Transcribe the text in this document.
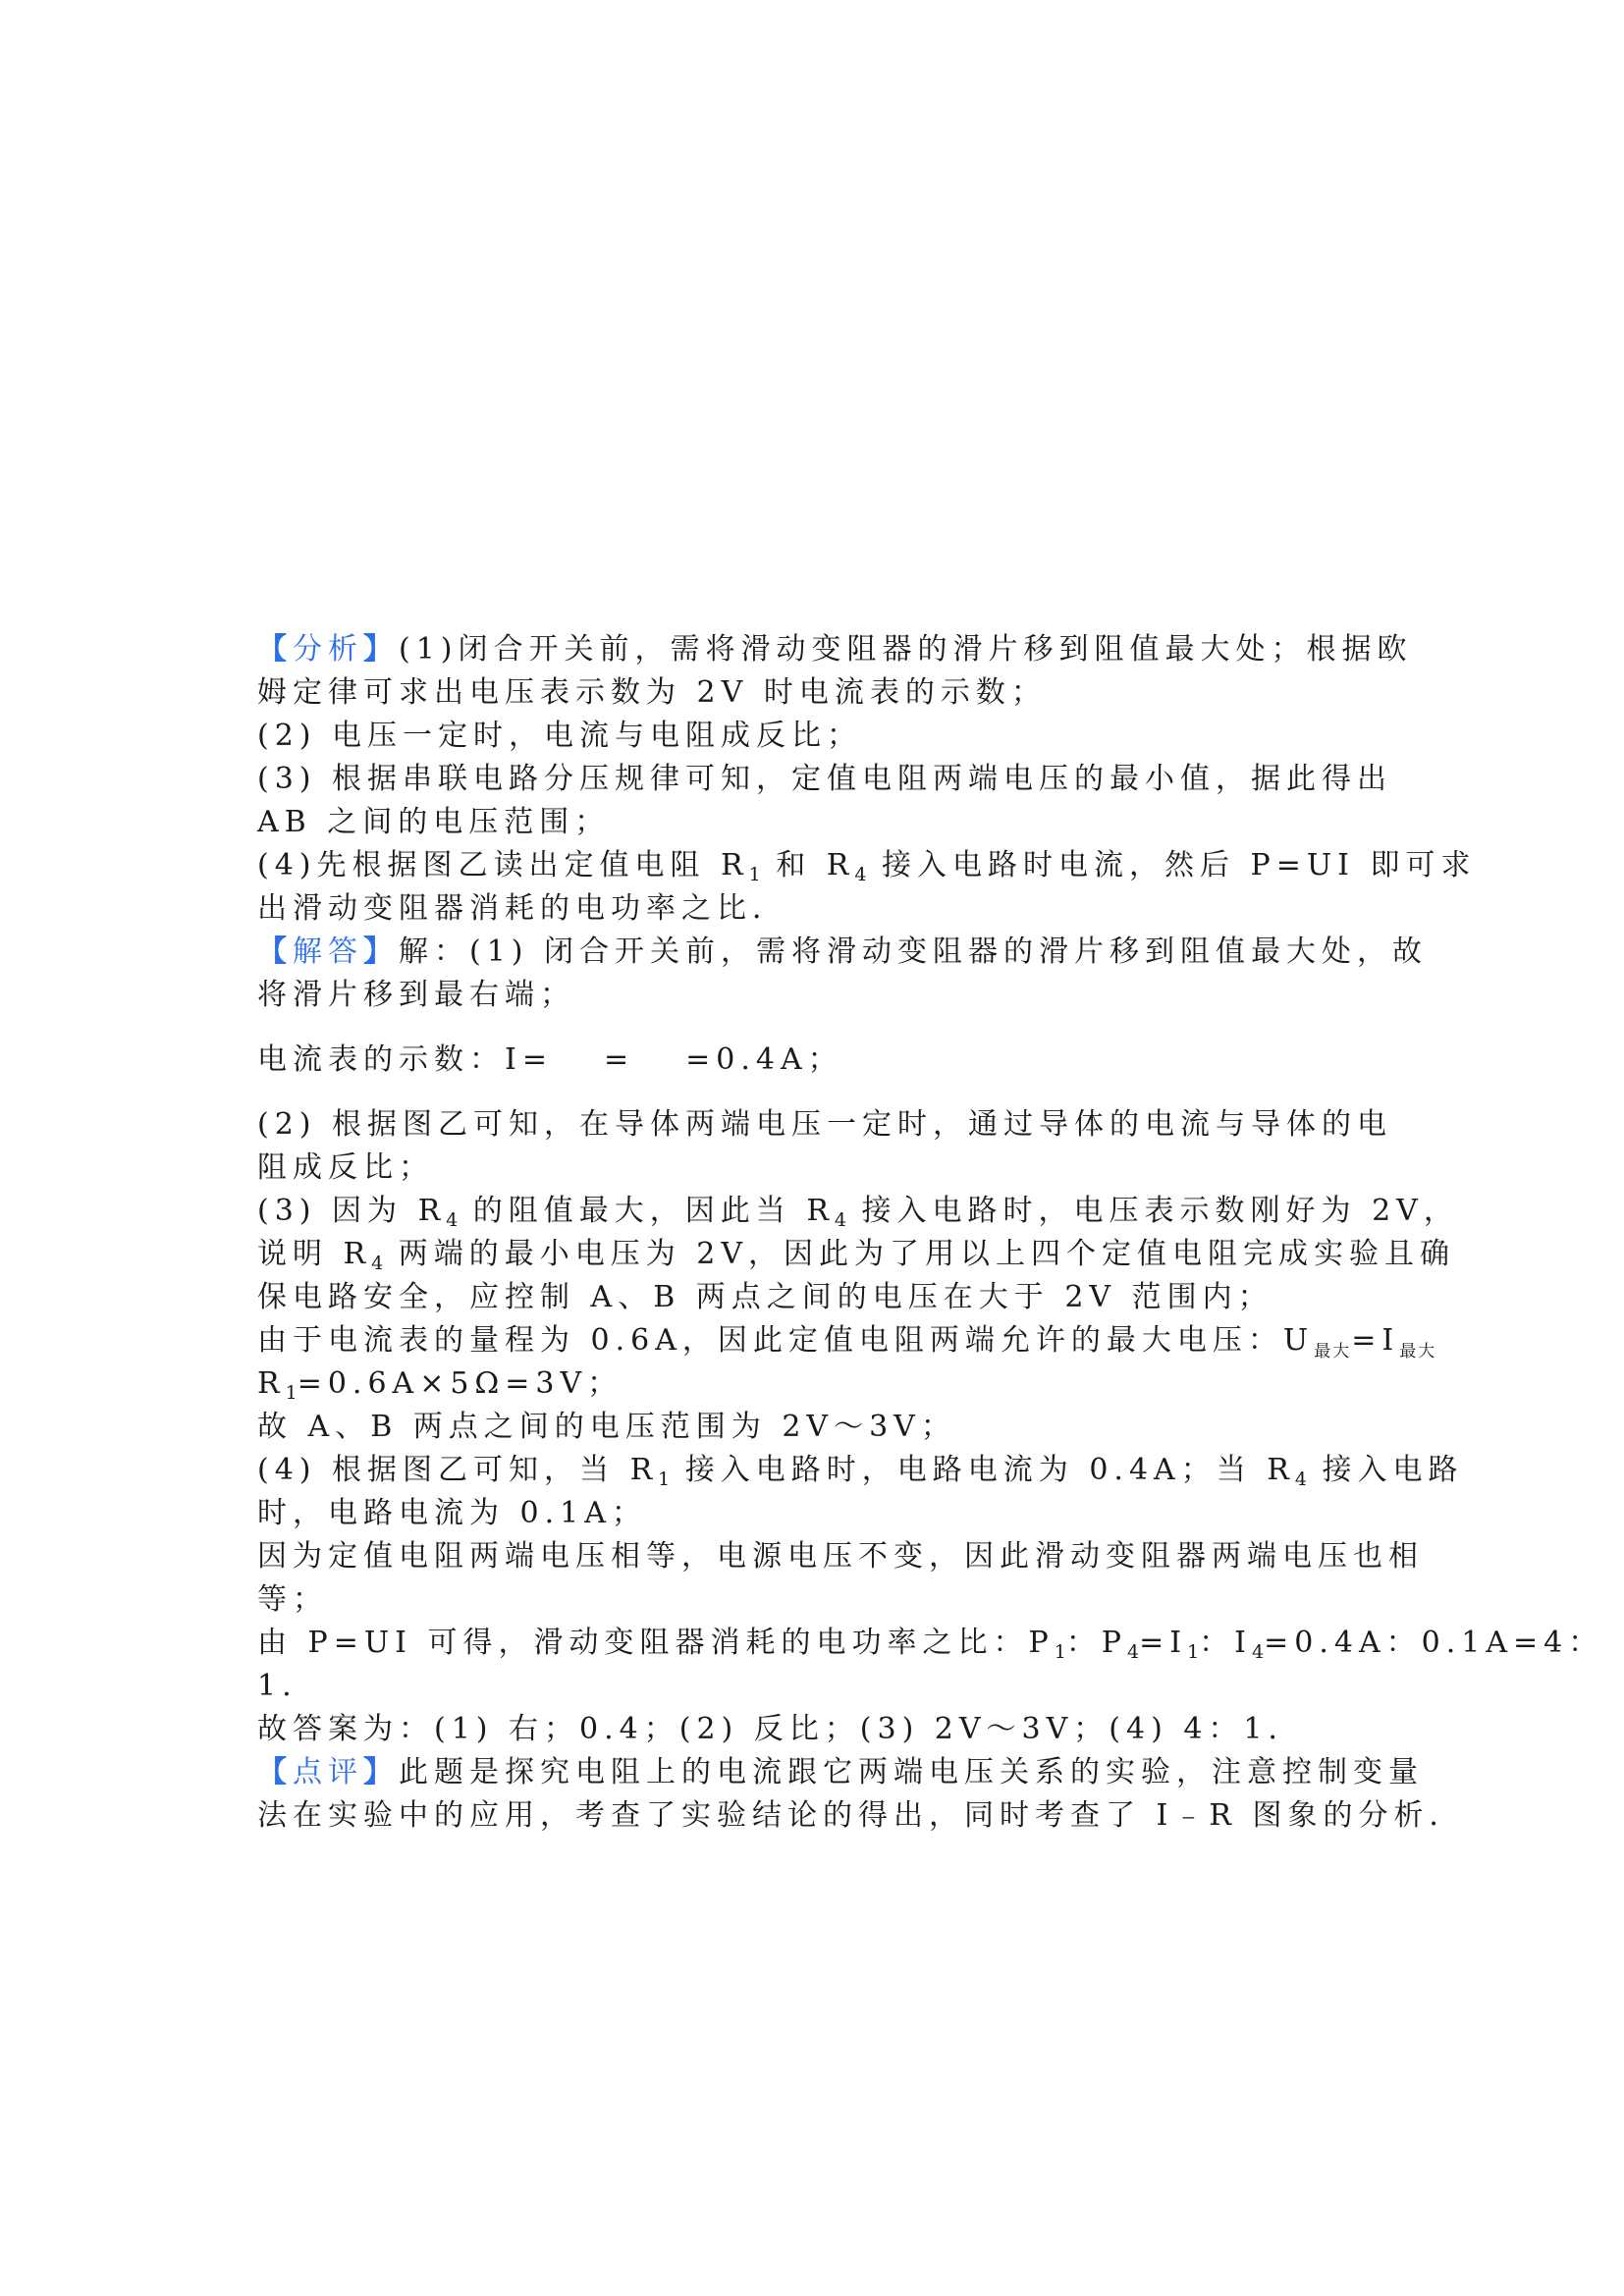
【分析】(1)闭合开关前，需将滑动变阻器的滑片移到阻值最大处；根据欧
姆定律可求出电压表示数为 2V 时电流表的示数；
(2) 电压一定时，电流与电阻成反比；
(3) 根据串联电路分压规律可知，定值电阻两端电压的最小值，据此得出
AB 之间的电压范围；
(4)先根据图乙读出定值电阻 $R_1$ 和 $R_4$ 接入电路时电流，然后 P=UI 即可求
出滑动变阻器消耗的电功率之比．
【解答】解：(1) 闭合开关前，需将滑动变阻器的滑片移到阻值最大处，故
将滑片移到最右端；
电流表的示数：I= = =0.4A；
(2) 根据图乙可知，在导体两端电压一定时，通过导体的电流与导体的电
阻成反比；
(3) 因为 $R_4$ 的阻值最大，因此当 $R_4$ 接入电路时，电压表示数刚好为 2V，
说明 $R_4$ 两端的最小电压为 2V，因此为了用以上四个定值电阻完成实验且确
保电路安全，应控制 A、B 两点之间的电压在大于 2V 范围内；
由于电流表的量程为 0.6A，因此定值电阻两端允许的最大电压：$U_{最大}=I_{最大}$
$R_1=0.6A\times 5\Omega=3V$；
故 A、B 两点之间的电压范围为 2V～3V；
(4) 根据图乙可知，当 $R_1$ 接入电路时，电路电流为 0.4A；当 $R_4$ 接入电路
时，电路电流为 0.1A；
因为定值电阻两端电压相等，电源电压不变，因此滑动变阻器两端电压也相
等；
由 P=UI 可得，滑动变阻器消耗的电功率之比：$P_1$：$P_4=I_1$：$I_4=0.4A$：0.1A=4：
1.
故答案为：(1) 右；0.4；(2) 反比；(3) 2V～3V；(4) 4：1．
【点评】此题是探究电阻上的电流跟它两端电压关系的实验，注意控制变量
法在实验中的应用，考查了实验结论的得出，同时考查了 I﹣R 图象的分析．
